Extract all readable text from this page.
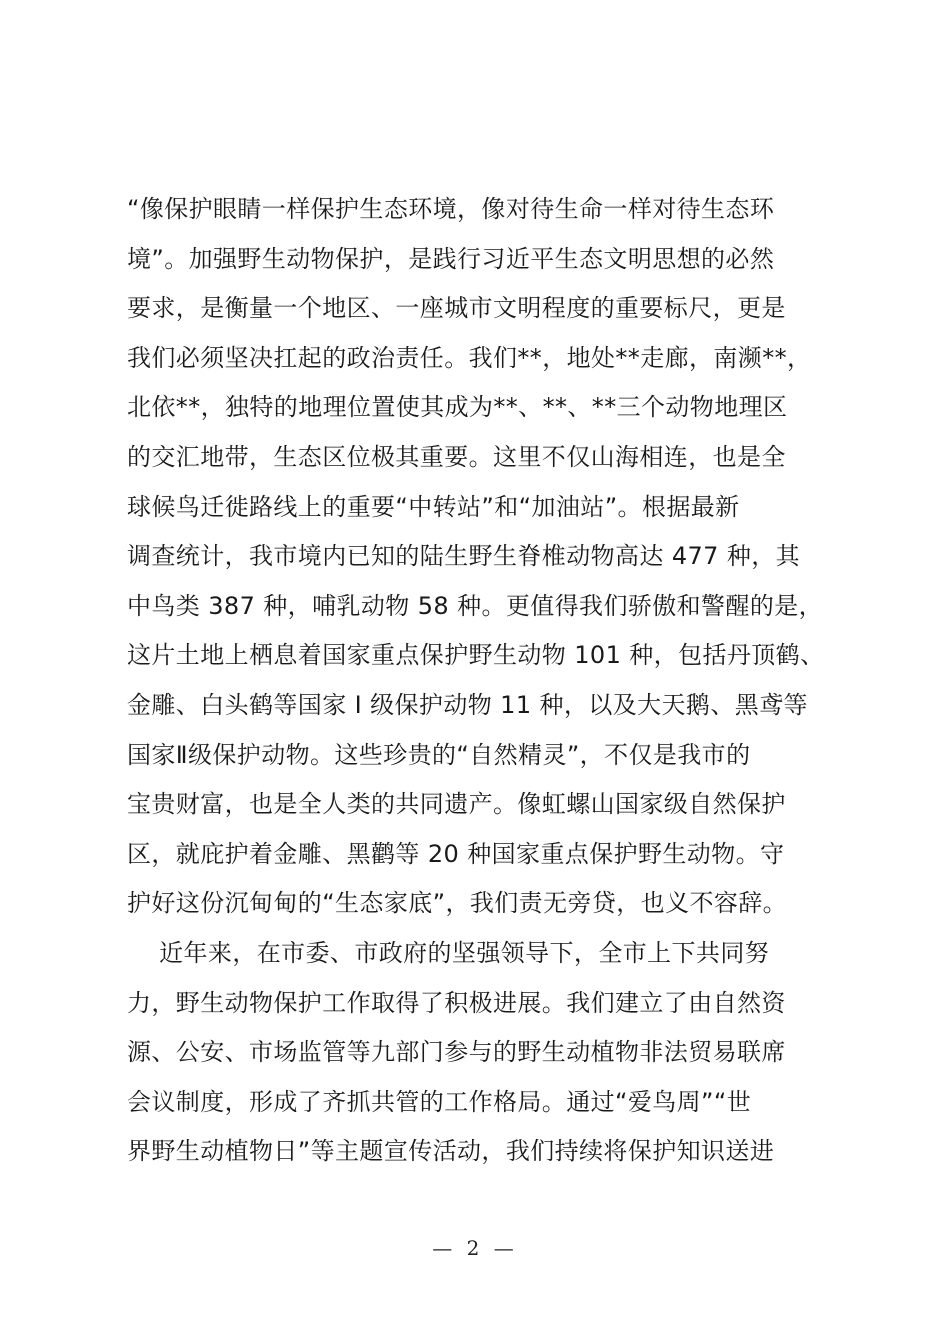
“像保护眼睛一样保护生态环境，像对待生命一样对待生态环
境”。加强野生动物保护，是践行习近平生态文明思想的必然
要求，是衡量一个地区、一座城市文明程度的重要标尺，更是
我们必须坚决扛起的政治责任。我们**，地处**走廊，南濒**，
北依**，独特的地理位置使其成为**、**、**三个动物地理区
的交汇地带，生态区位极其重要。这里不仅山海相连，也是全
球候鸟迁徙路线上的重要“中转站”和“加油站”。根据最新
调查统计，我市境内已知的陆生野生脊椎动物高达 477 种，其
中鸟类 387 种，哺乳动物 58 种。更值得我们骄傲和警醒的是，
这片土地上栖息着国家重点保护野生动物 101 种，包括丹顶鹤、
金雕、白头鹤等国家 I 级保护动物 11 种，以及大天鹅、黑鸢等
国家Ⅱ级保护动物。这些珍贵的“自然精灵”，不仅是我市的
宝贵财富，也是全人类的共同遗产。像虹螺山国家级自然保护
区，就庇护着金雕、黑鹳等 20 种国家重点保护野生动物。守
护好这份沉甸甸的“生态家底”，我们责无旁贷，也义不容辞。
近年来，在市委、市政府的坚强领导下，全市上下共同努
力，野生动物保护工作取得了积极进展。我们建立了由自然资
源、公安、市场监管等九部门参与的野生动植物非法贸易联席
会议制度，形成了齐抓共管的工作格局。通过“爱鸟周”“世
界野生动植物日”等主题宣传活动，我们持续将保护知识送进
— 2 —
